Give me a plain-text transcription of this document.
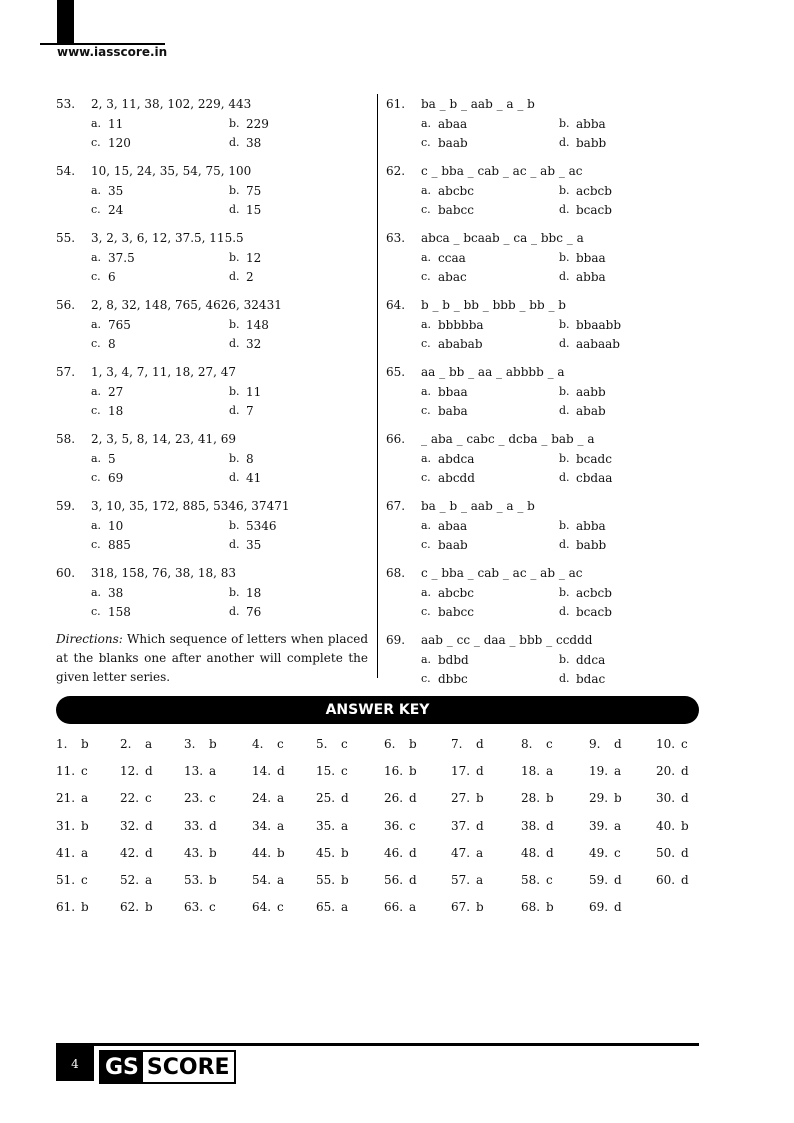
www.iasscore.in
53.	2, 3, 11, 38, 102, 229, 443
a. 11	b. 229
c. 120	d. 38
54.	10, 15, 24, 35, 54, 75, 100
a. 35	b. 75
c. 24	d. 15
55.	3, 2, 3, 6, 12, 37.5, 115.5
a. 37.5	b. 12
c. 6	d. 2
56.	2, 8, 32, 148, 765, 4626, 32431
a. 765	b. 148
c. 8	d. 32
57.	1, 3, 4, 7, 11, 18, 27, 47
a. 27	b. 11
c. 18	d. 7
58.	2, 3, 5, 8, 14, 23, 41, 69
a. 5	b. 8
c. 69	d. 41
59.	3, 10, 35, 172, 885, 5346, 37471
a. 10	b. 5346
c. 885	d. 35
60.	318, 158, 76, 38, 18, 83
a. 38	b. 18
c. 158	d. 76
Directions: Which sequence of letters when placed at the blanks one after another will complete the given letter series.
61.	ba _ b _ aab _ a _ b
a. abaa	b. abba
c. baab	d. babb
62.	c _ bba _ cab _ ac _ ab _ ac
a. abcbc	b. acbcb
c. babcc	d. bcacb
63.	abca _ bcaab _ ca _ bbc _ a
a. ccaa	b. bbaa
c. abac	d. abba
64.	b _ b _ bb _ bbb _ bb _ b
a. bbbbba	b. bbaabb
c. ababab	d. aabaab
65.	aa _ bb _ aa _ abbbb _ a
a. bbaa	b. aabb
c. baba	d. abab
66.	_ aba _ cabc _ dcba _ bab _ a
a. abdca	b. bcadc
c. abcdd	d. cbdaa
67.	ba _ b _ aab _ a _ b
a. abaa	b. abba
c. baab	d. babb
68.	c _ bba _ cab _ ac _ ab _ ac
a. abcbc	b. acbcb
c. babcc	d. bcacb
69.	aab _ cc _ daa _ bbb _ ccddd
a. bdbd	b. ddca
c. dbbc	d. bdac
ANSWER KEY
1.	b	2.	a	3.	b	4.	c	5.	c	6.	b	7.	d	8.	c	9.	d	10. c
11. c	12. d	13. a	14. d	15. c	16. b	17. d	18. a	19. a	20. d
21. a	22. c	23. c	24. a	25. d	26. d	27. b	28. b	29. b	30. d
31. b	32. d	33. d	34. a	35. a	36. c	37. d	38. d	39. a	40. b
41. a	42. d	43. b	44. b	45. b	46. d	47. a	48. d	49. c	50. d
51. c	52. a	53. b	54. a	55. b	56. d	57. a	58. c	59. d	60. d
61. b	62. b	63. c	64. c	65. a	66. a	67. b	68. b	69. d
4	GS SCORE
